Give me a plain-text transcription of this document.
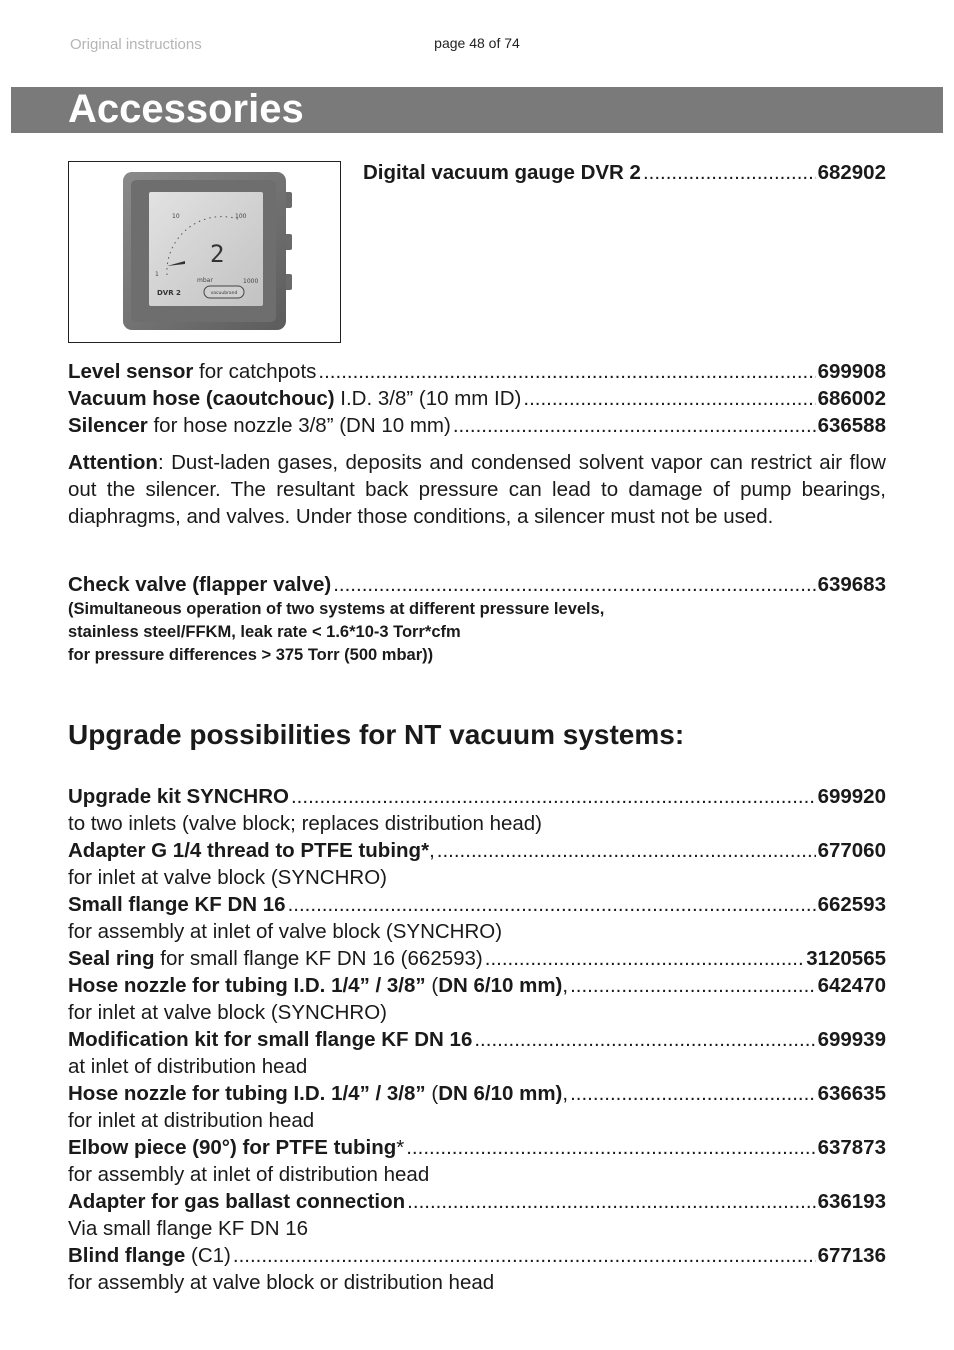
Original instructions	page 48 of 74
Accessories
10	100
1
1000
2
mbar
DVR 2	vacuubrand
Digital vacuum gauge DVR 2 .....	682902
Level sensor for catchpots .....	699908
Vacuum hose (caoutchouc) I.D. 3/8” (10 mm ID) .....	686002
Silencer for hose nozzle 3/8” (DN 10 mm) .....	636588
Attention: Dust-laden gases, deposits and condensed solvent vapor can restrict air flow out the silencer. The resultant back pressure can lead to damage of pump bearings, diaphragms, and valves. Under those conditions, a silencer must not be used.
Check valve (flapper valve) .....	639683
(Simultaneous operation of two systems at different pressure levels,
stainless steel/FFKM, leak rate < 1.6*10-3 Torr*cfm
for pressure differences > 375 Torr (500 mbar))
Upgrade possibilities for NT vacuum systems:
Upgrade kit SYNCHRO .....	699920
to two inlets (valve block; replaces distribution head)
Adapter G 1/4 thread to PTFE tubing*, .....	677060
for inlet at valve block (SYNCHRO)
Small flange KF DN 16 .....	662593
for assembly at inlet of valve block (SYNCHRO)
Seal ring for small flange KF DN 16 (662593) .....	3120565
Hose nozzle for tubing I.D. 1/4” / 3/8” (DN 6/10 mm), .....	642470
for inlet at valve block (SYNCHRO)
Modification kit for small flange KF DN 16 .....	699939
at inlet of distribution head
Hose nozzle for tubing I.D. 1/4” / 3/8” (DN 6/10 mm), .....	636635
for inlet at distribution head
Elbow piece (90°) for PTFE tubing* .....	637873
for assembly at inlet of distribution head
Adapter for gas ballast connection .....	636193
Via small flange KF DN 16
Blind flange (C1) .....	677136
for assembly at valve block or distribution head
